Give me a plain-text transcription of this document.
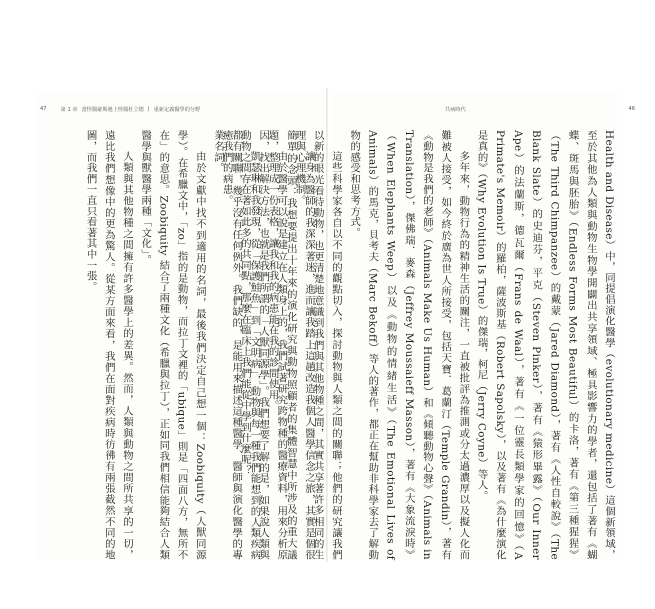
47	第 1 章 當怪醫豪斯遇上怪醫杜立德 | 重新定義醫學的分野	共病時代	46

讓身為醫師的我深深著迷，進而讓我踏上這趟改造我個人醫學信念之旅，其實是個很簡單的念頭：我想要提出十年來的演化研究與動物照顧者的集體智慧中所涉及的重大議題，整理成一份表格，讓我和我的病患能在我的診間使用。

凱瑟琳和我發現，從「保護鮭魚」到「文明病」，動物與每一種我們能想到的人類疾病都有關聯，幾乎沒有任何例外。我們缺的，是能用來描述這種醫學、醫師與演化醫學的專業名詞。

由於文獻中找不到適用的名詞，最後我們決定自己想一個：Zoobiquity（人獸同源學）。在希臘文中，「zo」指的是動物，而拉丁文裡的「ubique」則是「四面八方，無所不在」的意思。Zoobiquity 結合了兩種文化（希臘與拉丁），正如同我們相信能夠結合人類醫學與獸醫學兩種「文化」。

人類與其他物種之間擁有許多醫學上的差異。然而，人類與動物之間所共享的一切，遠比我們想像中的更為驚人。從某方面來看，我們在面對疾病時彷彿有兩張截然不同的地圖，而我們一直只看著其中一張。	Health and Disease）中，同提倡演化醫學（evolutionary medicine）這個新領域，至於其他為人類與動物生物學開闢出共享領域、極具影響力的學者，還包括了著有《蝴蝶、斑馬與胚胎》（Endless Forms Most Beautiful）的卡洛，著有《第三種猩猩》（The Third Chimpanzee）的戴蒙（Jared Diamond），著有《人性自較說》（The Blank Slate）的史迪芬，平克（Steven Pinker），著有《猿形畢露》（Our Inner Ape）的法蘭斯，德瓦爾（Frans de Waal），著有《一位靈長類學家的回憶》（A Primate's Memoir）的羅柏，薩波斯基（Robert Sapolsky），以及著有《為什麼演化是真的》（Why Evolution Is True）的傑瑞，柯尼（Jerry Coyne）等人。

多年來，動物行為的精神生活的關注，一直被批評為推測或分太過濃厚以及擬人化而難被人接受，如今終於廣為世人所接受，包括天寶．葛蘭汀（Temple Grandin），著有《動物是我們的老師》（Animals Make Us Human）和《傾聽動物心聲》（Animals in Translation），傑佛瑞．麥森（Jeffrey Moussaieff Masson），著有《大象流淚時》（When Elephants Weep）以及《動物的情緒生活》（The Emotional Lives of Animals）的馬克，貝考夫（Marc Bekoff）等人的著作，都正在幫助非科學家去了解動物的感受和思考方式。

這些科學家各自以不同的觀點切入，探討動物與人類之間的關聯；他們的研究讓我們以新的眼光看待動物，也更清楚地意識到我們與其他物種之間，其實共享著許多相同的生理與心理機制。

由於醫學可以說是建立在人類身上的，我們試著研究跨物種的醫療資料，用來分析原因，找出解決方法，也就是我們所謂的「人獸同源學」。我們想要了解的是，如果說人類與動物之間存在著如此多的共同點，那麼在臨床上我們能從中學到什麼呢？

癒我們的病患。
